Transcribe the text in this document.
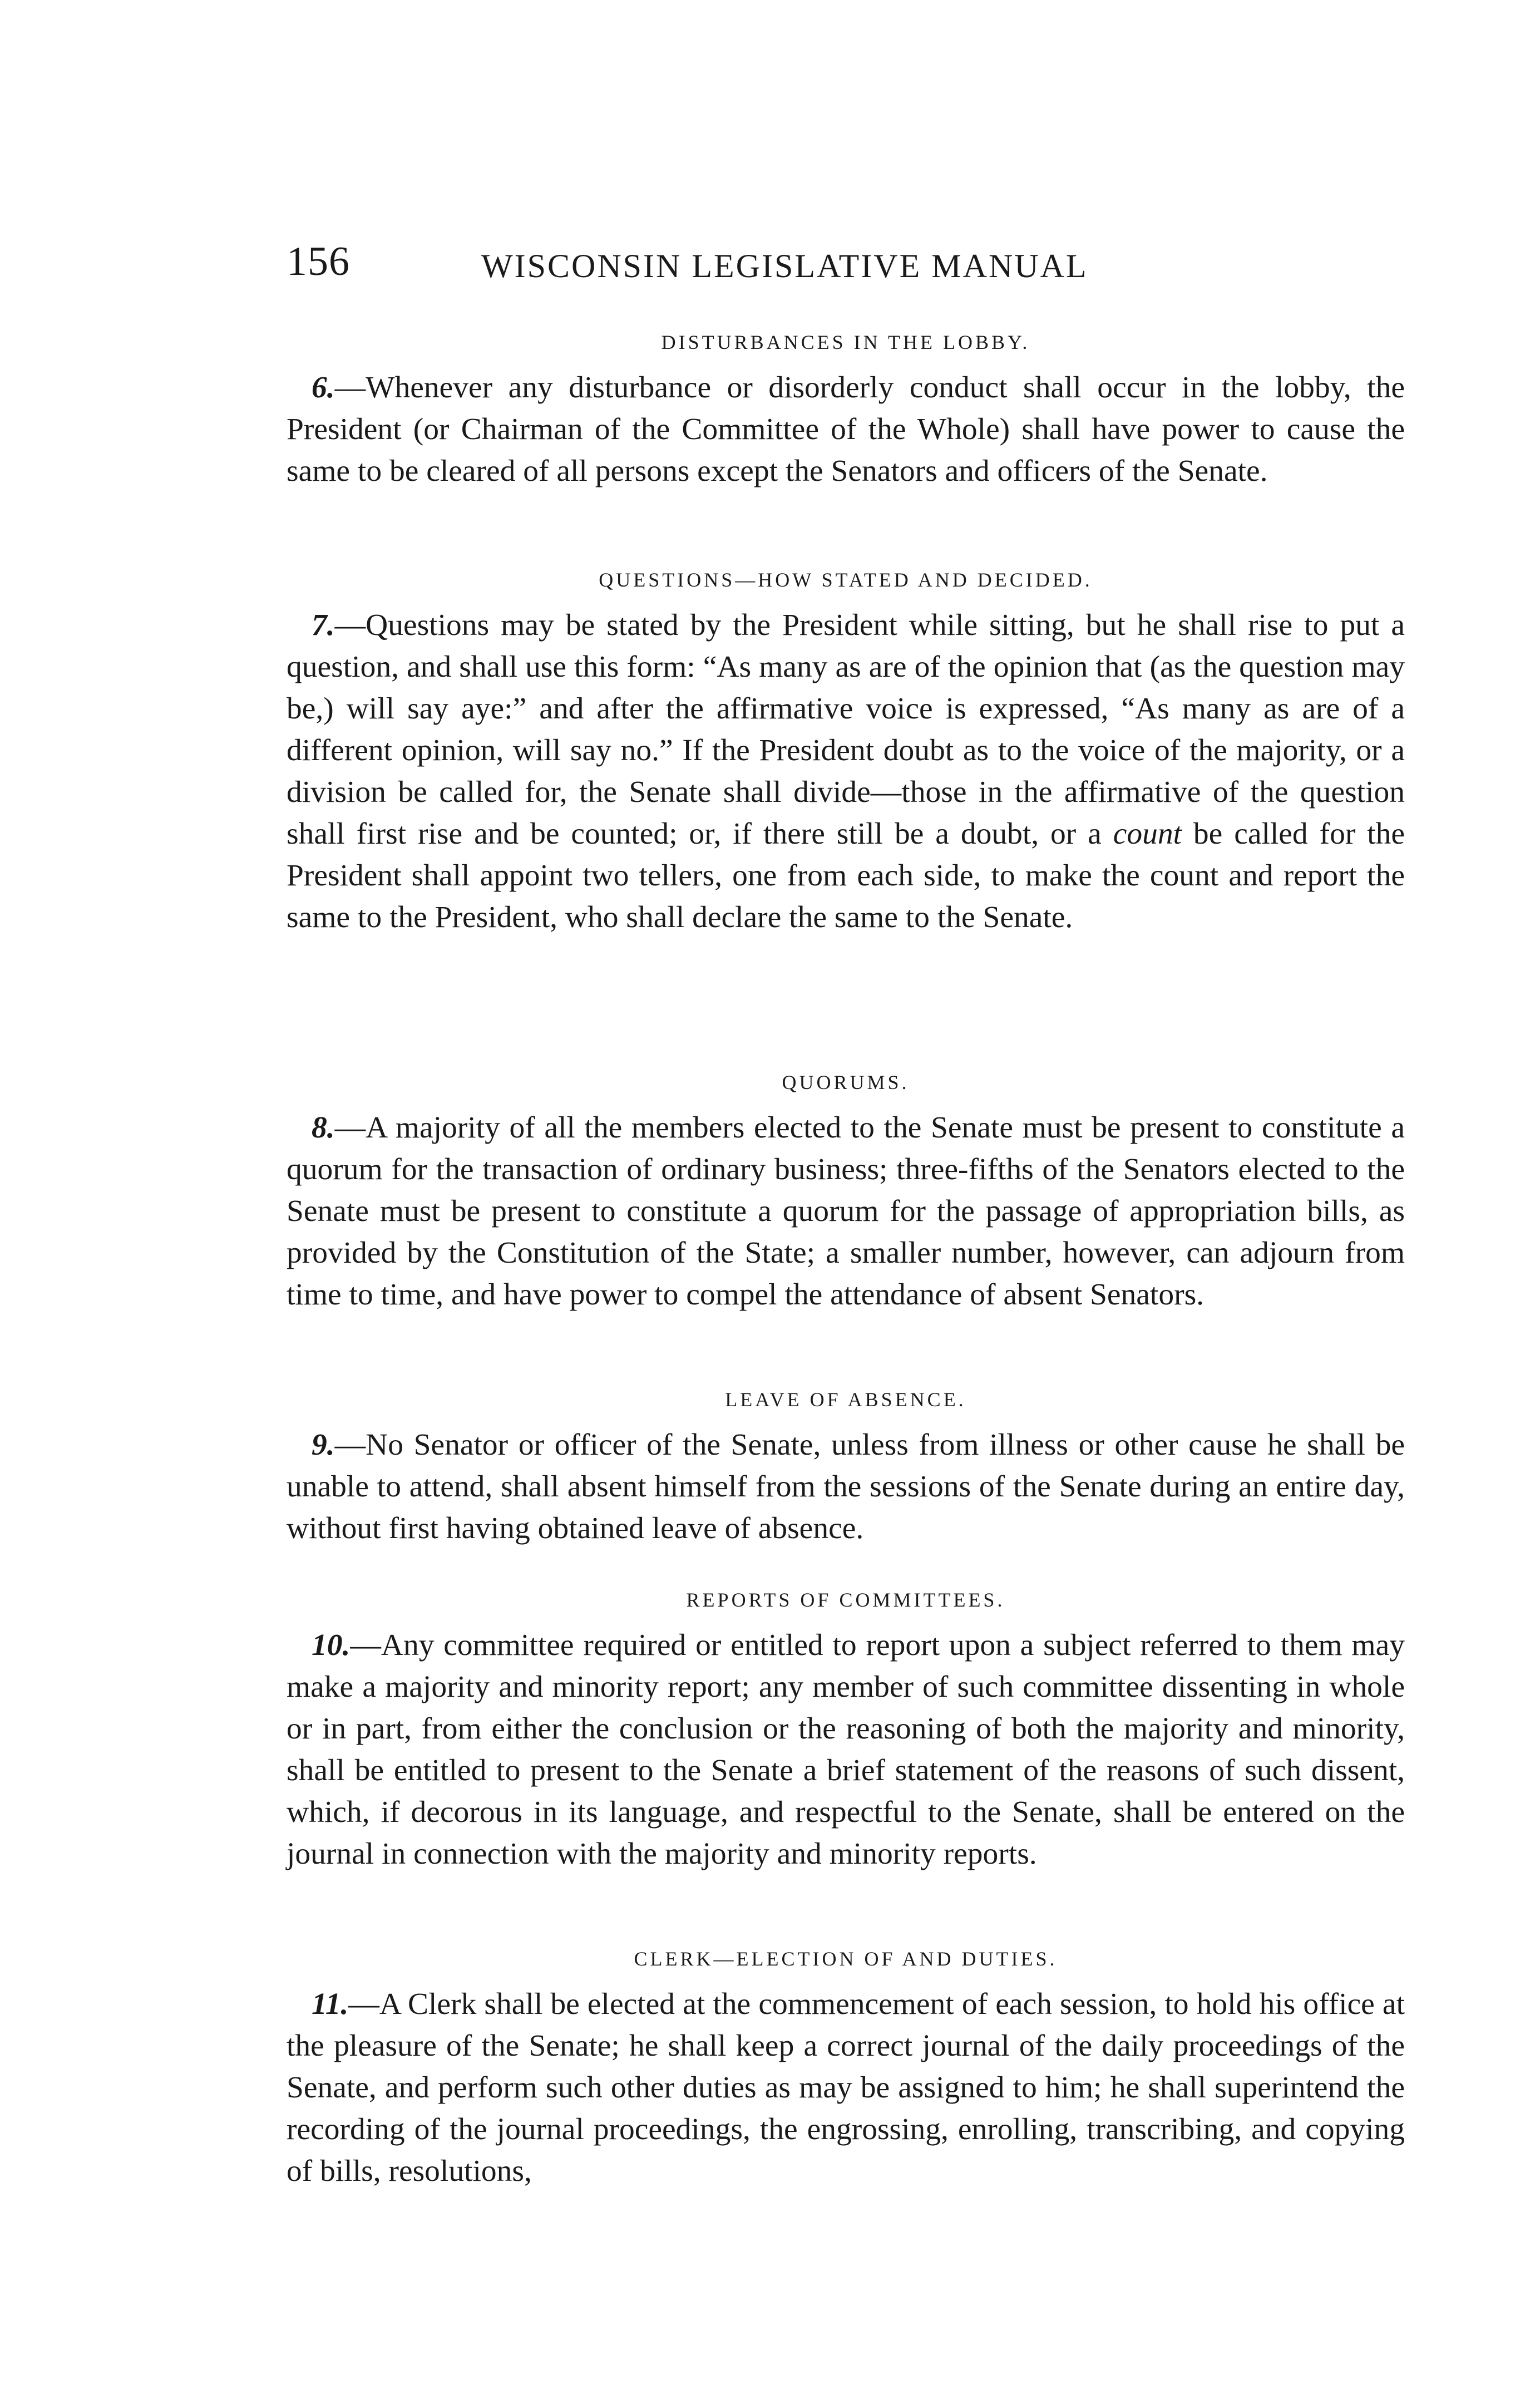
156	WISCONSIN LEGISLATIVE MANUAL
DISTURBANCES IN THE LOBBY.

6.—Whenever any disturbance or disorderly conduct shall occur in the lobby, the President (or Chairman of the Committee of the Whole) shall have power to cause the same to be cleared of all persons except the Senators and officers of the Senate.

QUESTIONS—HOW STATED AND DECIDED.

7.—Questions may be stated by the President while sitting, but he shall rise to put a question, and shall use this form: “As many as are of the opinion that (as the question may be,) will say aye:” and after the affirmative voice is expressed, “As many as are of a different opinion, will say no.” If the President doubt as to the voice of the majority, or a division be called for, the Senate shall divide—those in the affirmative of the question shall first rise and be counted; or, if there still be a doubt, or a count be called for the President shall appoint two tellers, one from each side, to make the count and report the same to the President, who shall declare the same to the Senate.

QUORUMS.

8.—A majority of all the members elected to the Senate must be present to constitute a quorum for the transaction of ordinary business; three-fifths of the Senators elected to the Senate must be present to constitute a quorum for the passage of appropriation bills, as provided by the Constitution of the State; a smaller number, however, can adjourn from time to time, and have power to compel the attendance of absent Senators.

LEAVE OF ABSENCE.

9.—No Senator or officer of the Senate, unless from illness or other cause he shall be unable to attend, shall absent himself from the sessions of the Senate during an entire day, without first having obtained leave of absence.

REPORTS OF COMMITTEES.

10.—Any committee required or entitled to report upon a subject referred to them may make a majority and minority report; any member of such committee dissenting in whole or in part, from either the conclusion or the reasoning of both the majority and minority, shall be entitled to present to the Senate a brief statement of the reasons of such dissent, which, if decorous in its language, and respectful to the Senate, shall be entered on the journal in connection with the majority and minority reports.

CLERK—ELECTION OF AND DUTIES.

11.—A Clerk shall be elected at the commencement of each session, to hold his office at the pleasure of the Senate; he shall keep a correct journal of the daily proceedings of the Senate, and perform such other duties as may be assigned to him; he shall superintend the recording of the journal proceedings, the engrossing, enrolling, transcribing, and copying of bills, resolutions,
